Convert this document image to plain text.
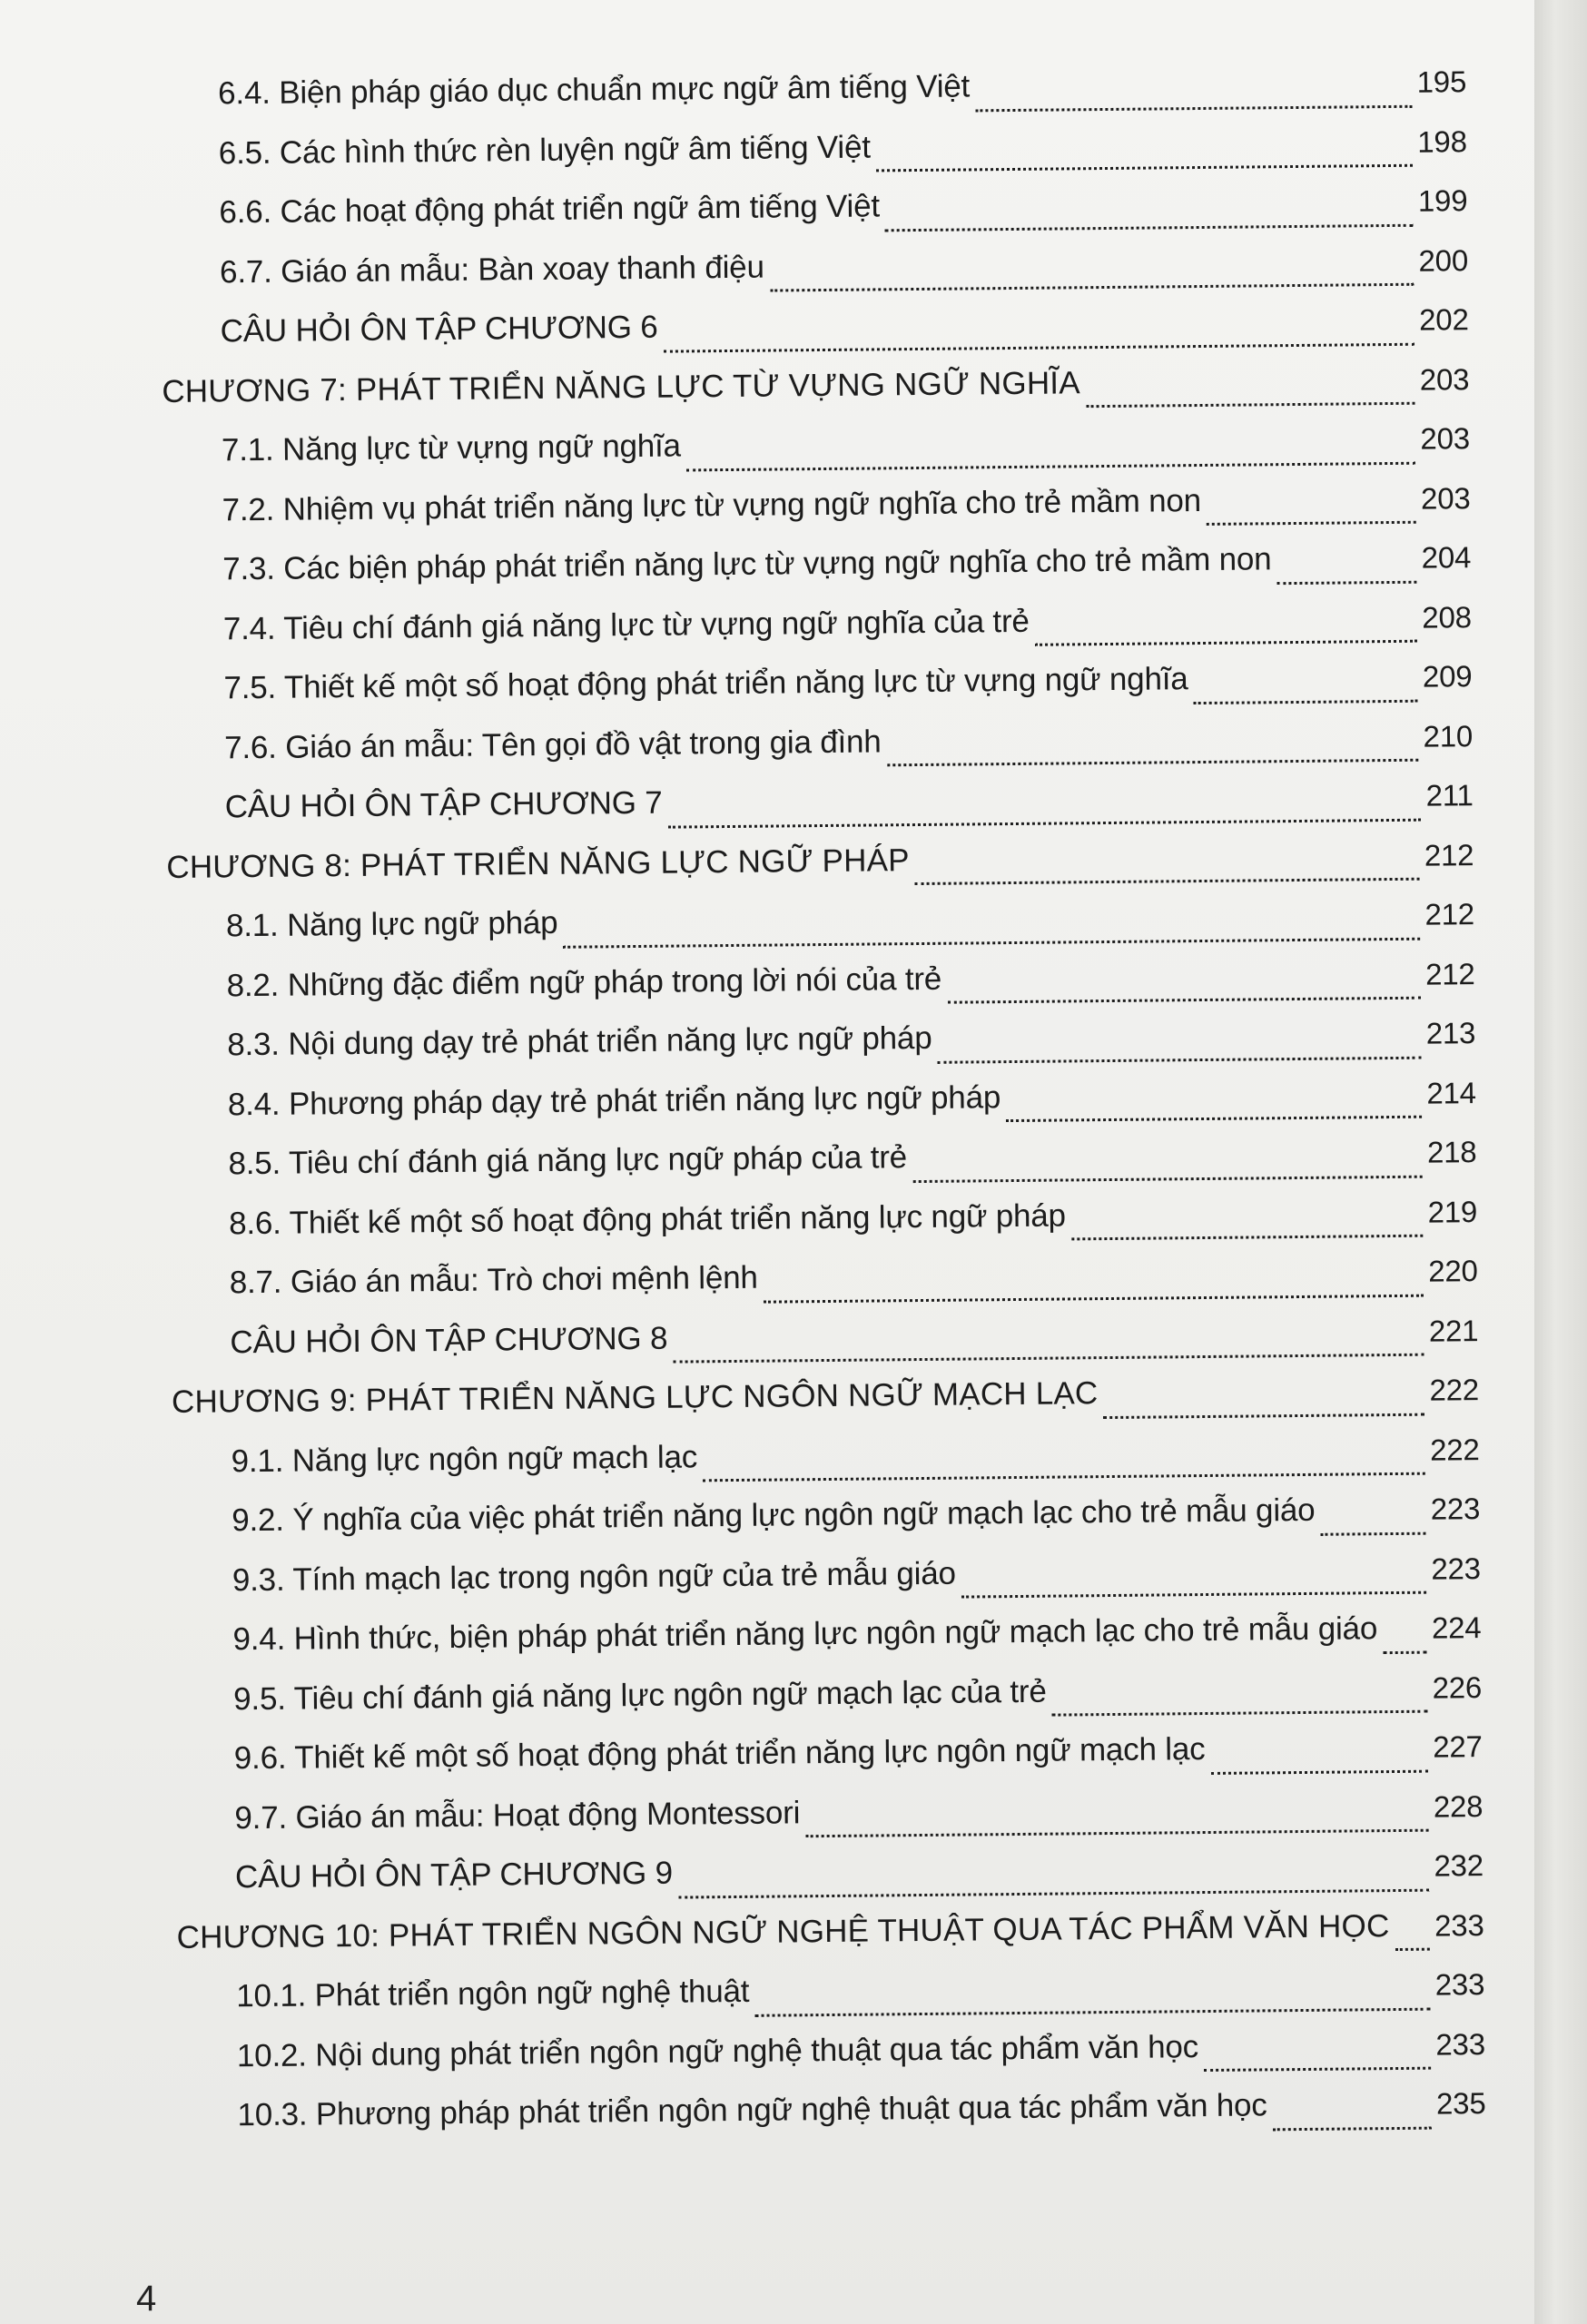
6.4. Biện pháp giáo dục chuẩn mực ngữ âm tiếng Việt	195
6.5. Các hình thức rèn luyện ngữ âm tiếng Việt	198
6.6. Các hoạt động phát triển ngữ âm tiếng Việt	199
6.7. Giáo án mẫu: Bàn xoay thanh điệu	200
CÂU HỎI ÔN TẬP CHƯƠNG 6	202
CHƯƠNG 7: PHÁT TRIỂN NĂNG LỰC TỪ VỰNG NGỮ NGHĨA	203
7.1. Năng lực từ vựng ngữ nghĩa	203
7.2. Nhiệm vụ phát triển năng lực từ vựng ngữ nghĩa cho trẻ mầm non	203
7.3. Các biện pháp phát triển năng lực từ vựng ngữ nghĩa cho trẻ mầm non	204
7.4. Tiêu chí đánh giá năng lực từ vựng ngữ nghĩa của trẻ	208
7.5. Thiết kế một số hoạt động phát triển năng lực từ vựng ngữ nghĩa	209
7.6. Giáo án mẫu: Tên gọi đồ vật trong gia đình	210
CÂU HỎI ÔN TẬP CHƯƠNG 7	211
CHƯƠNG 8: PHÁT TRIỂN NĂNG LỰC NGỮ PHÁP	212
8.1. Năng lực ngữ pháp	212
8.2. Những đặc điểm ngữ pháp trong lời nói của trẻ	212
8.3. Nội dung dạy trẻ phát triển năng lực ngữ pháp	213
8.4. Phương pháp dạy trẻ phát triển năng lực ngữ pháp	214
8.5. Tiêu chí đánh giá năng lực ngữ pháp của trẻ	218
8.6. Thiết kế một số hoạt động phát triển năng lực ngữ pháp	219
8.7. Giáo án mẫu: Trò chơi mệnh lệnh	220
CÂU HỎI ÔN TẬP CHƯƠNG 8	221
CHƯƠNG 9: PHÁT TRIỂN NĂNG LỰC NGÔN NGỮ MẠCH LẠC	222
9.1. Năng lực ngôn ngữ mạch lạc	222
9.2. Ý nghĩa của việc phát triển năng lực ngôn ngữ mạch lạc cho trẻ mẫu giáo	223
9.3. Tính mạch lạc trong ngôn ngữ của trẻ mẫu giáo	223
9.4. Hình thức, biện pháp phát triển năng lực ngôn ngữ mạch lạc cho trẻ mẫu giáo 224
9.5. Tiêu chí đánh giá năng lực ngôn ngữ mạch lạc của trẻ	226
9.6. Thiết kế một số hoạt động phát triển năng lực ngôn ngữ mạch lạc	227
9.7. Giáo án mẫu: Hoạt động Montessori	228
CÂU HỎI ÔN TẬP CHƯƠNG 9	232
CHƯƠNG 10: PHÁT TRIỂN NGÔN NGỮ NGHỆ THUẬT QUA TÁC PHẨM VĂN HỌC 233
10.1. Phát triển ngôn ngữ nghệ thuật	233
10.2. Nội dung phát triển ngôn ngữ nghệ thuật qua tác phẩm văn học	233
10.3. Phương pháp phát triển ngôn ngữ nghệ thuật qua tác phẩm văn học	235
4
